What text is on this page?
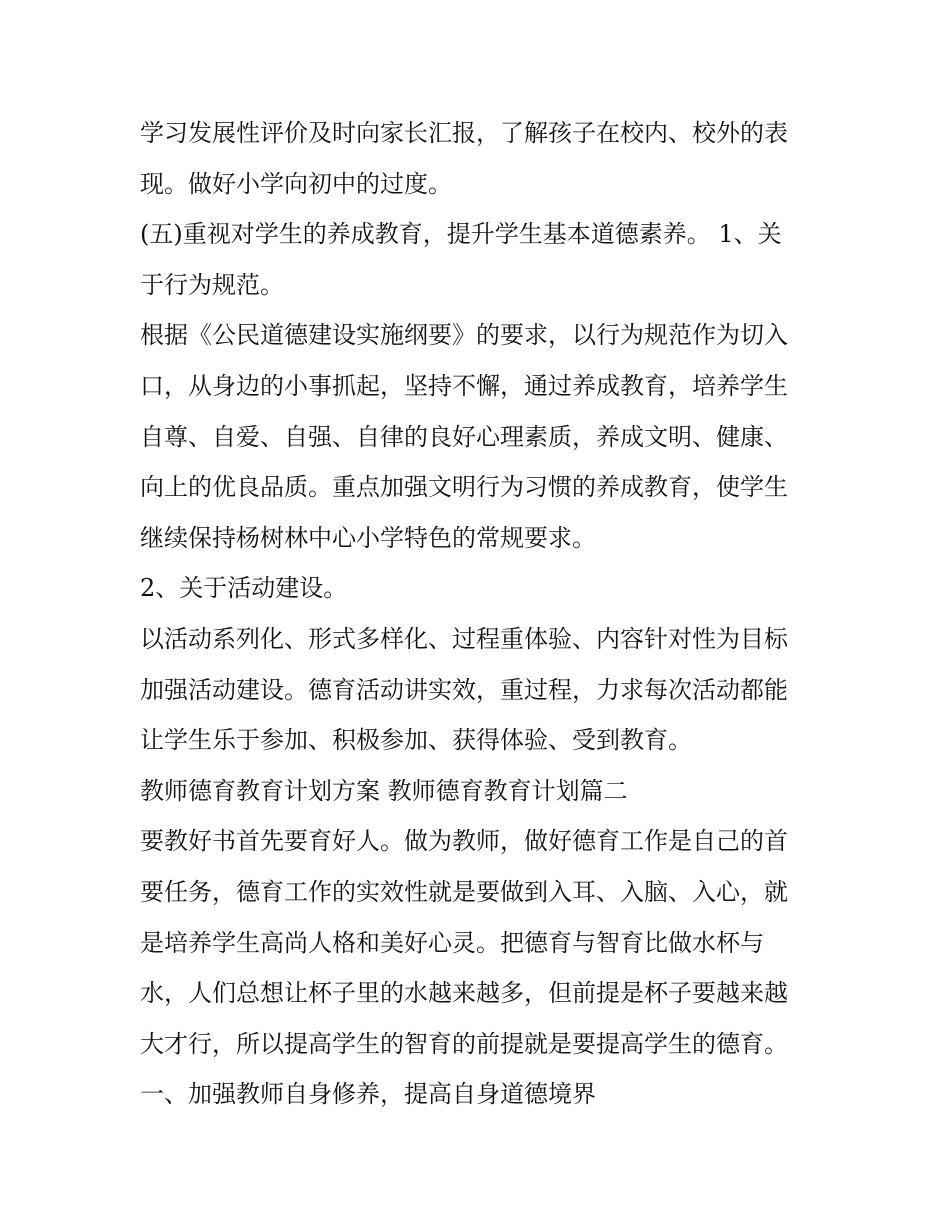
学习发展性评价及时向家长汇报，了解孩子在校内、校外的表
现。做好小学向初中的过度。
(五)重视对学生的养成教育，提升学生基本道德素养。 1、关
于行为规范。
根据《公民道德建设实施纲要》的要求，以行为规范作为切入
口，从身边的小事抓起，坚持不懈，通过养成教育，培养学生
自尊、自爱、自强、自律的良好心理素质，养成文明、健康、
向上的优良品质。重点加强文明行为习惯的养成教育，使学生
继续保持杨树林中心小学特色的常规要求。
2、关于活动建设。
以活动系列化、形式多样化、过程重体验、内容针对性为目标
加强活动建设。德育活动讲实效，重过程，力求每次活动都能
让学生乐于参加、积极参加、获得体验、受到教育。
教师德育教育计划方案 教师德育教育计划篇二
要教好书首先要育好人。做为教师，做好德育工作是自己的首
要任务，德育工作的实效性就是要做到入耳、入脑、入心，就
是培养学生高尚人格和美好心灵。把德育与智育比做水杯与
水，人们总想让杯子里的水越来越多，但前提是杯子要越来越
大才行，所以提高学生的智育的前提就是要提高学生的德育。
一、加强教师自身修养，提高自身道德境界
